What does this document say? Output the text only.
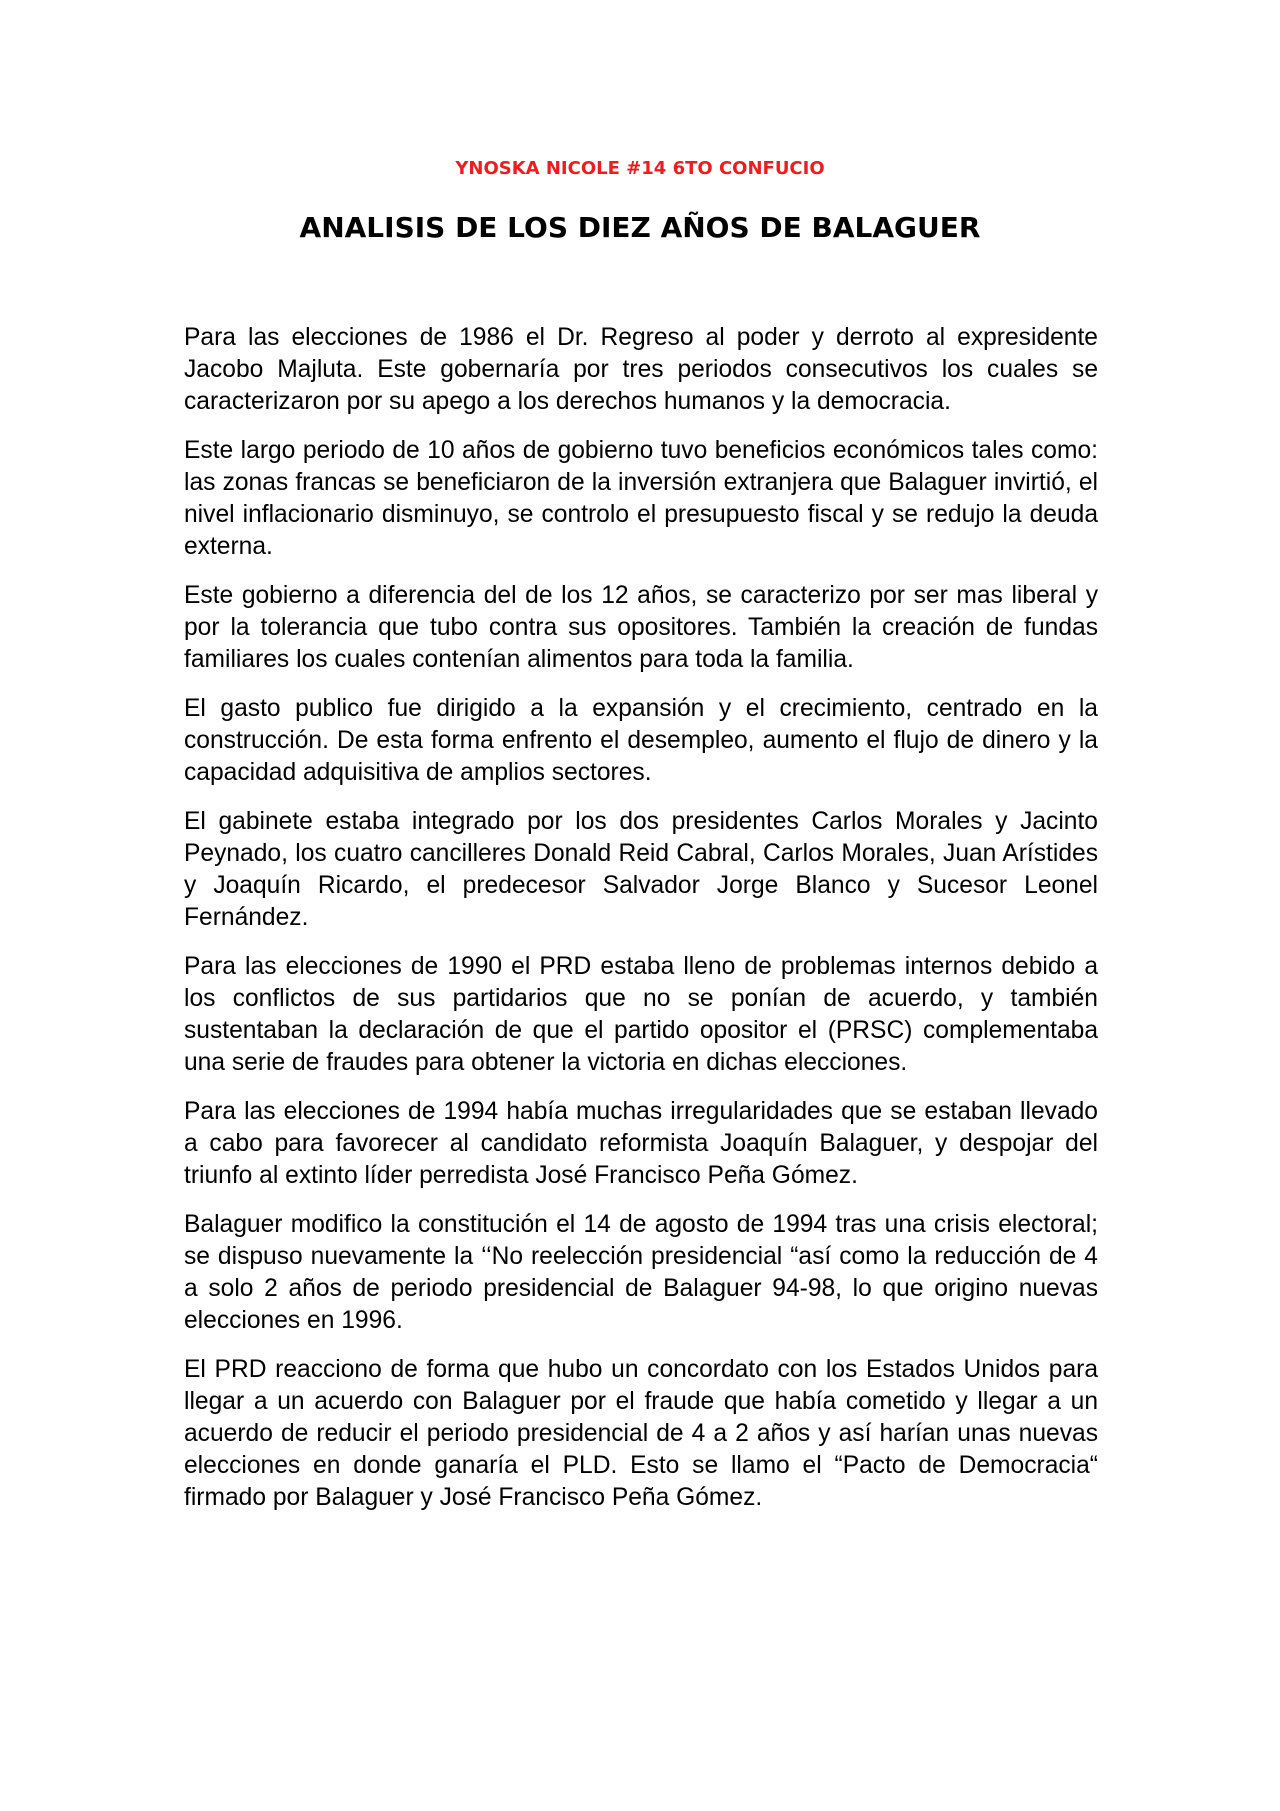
YNOSKA NICOLE #14 6TO CONFUCIO
ANALISIS DE LOS DIEZ AÑOS DE BALAGUER

Para las elecciones de 1986 el Dr. Regreso al poder y derroto al expresidente Jacobo Majluta. Este gobernaría por tres periodos consecutivos los cuales se caracterizaron por su apego a los derechos humanos y la democracia.

Este largo periodo de 10 años de gobierno tuvo beneficios económicos tales como:  las zonas francas se beneficiaron de la inversión extranjera que Balaguer invirtió, el nivel inflacionario disminuyo, se controlo el presupuesto fiscal y se redujo la deuda externa.

Este gobierno a diferencia del de los 12 años, se caracterizo por ser mas liberal y por la tolerancia que tubo contra sus opositores. También la creación de fundas familiares los cuales contenían alimentos para toda la familia.

El gasto publico fue dirigido a la expansión y el crecimiento, centrado en la construcción. De esta forma enfrento el desempleo, aumento el flujo de dinero y la capacidad adquisitiva de amplios sectores.

El gabinete estaba integrado por los dos presidentes Carlos Morales y Jacinto Peynado, los cuatro cancilleres Donald Reid Cabral, Carlos Morales, Juan Arístides y Joaquín Ricardo, el predecesor Salvador Jorge Blanco y Sucesor Leonel Fernández.

Para las elecciones de 1990 el PRD estaba lleno de problemas internos debido a los conflictos de sus partidarios que no se ponían de acuerdo, y también sustentaban la declaración de que el partido opositor el (PRSC) complementaba una serie de fraudes para obtener la victoria en dichas elecciones.

Para las elecciones de 1994 había muchas irregularidades que se estaban llevado a cabo para favorecer al candidato reformista Joaquín Balaguer, y despojar del triunfo al extinto líder perredista José Francisco Peña Gómez.

Balaguer modifico la constitución el 14 de agosto de 1994 tras una crisis electoral; se dispuso nuevamente la ‘‘No reelección presidencial “así como la reducción de 4 a solo 2 años de periodo presidencial de Balaguer 94-98, lo que origino nuevas elecciones en 1996.

El PRD reacciono de forma que hubo un concordato con los Estados Unidos para llegar a un acuerdo con Balaguer por el fraude que había cometido y llegar a un acuerdo de reducir el periodo presidencial de 4 a 2 años y así harían unas nuevas elecciones en donde ganaría el PLD. Esto se llamo el “Pacto de Democracia“ firmado por Balaguer y José Francisco Peña Gómez.
